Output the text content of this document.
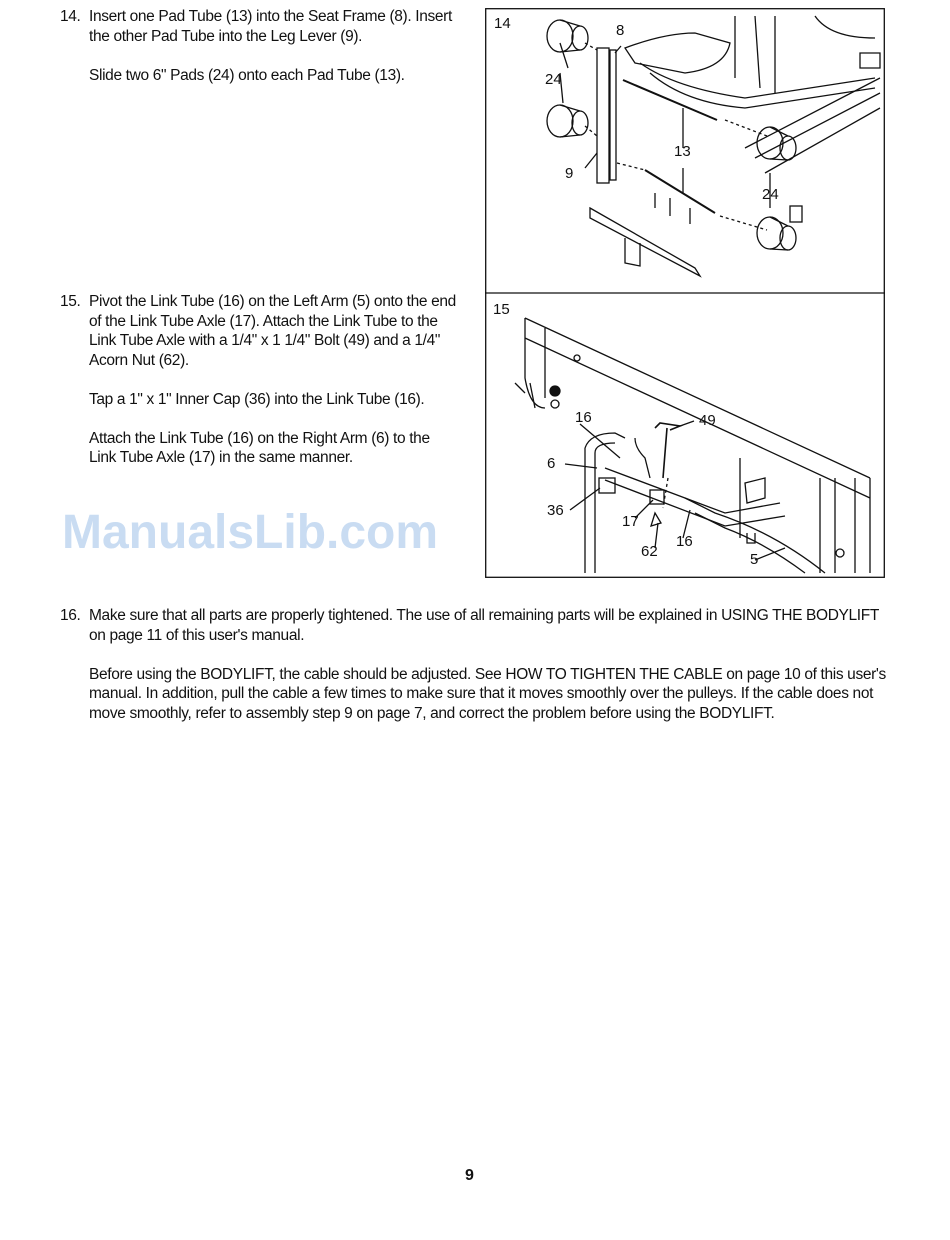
14. Insert one Pad Tube (13) into the Seat Frame (8). Insert the other Pad Tube into the Leg Lever (9).

Slide two 6" Pads (24) onto each Pad Tube (13).

15. Pivot the Link Tube (16) on the Left Arm (5) onto the end of the Link Tube Axle (17). Attach the Link Tube to the Link Tube Axle with a 1/4" x 1 1/4" Bolt (49) and a 1/4" Acorn Nut (62).

Tap a 1" x 1" Inner Cap (36) into the Link Tube (16).

Attach the Link Tube (16) on the Right Arm (6) to the Link Tube Axle (17) in the same manner.

16. Make sure that all parts are properly tightened. The use of all remaining parts will be explained in USING THE BODYLIFT on page 11 of this user's manual.

Before using the BODYLIFT, the cable should be adjusted. See HOW TO TIGHTEN THE CABLE on page 10 of this user's manual. In addition, pull the cable a few times to make sure that it moves smoothly over the pulleys. If the cable does not move smoothly, refer to assembly step 9 on page 7, and correct the problem before using the BODYLIFT.

14	8
24
9
13
24
15
16	49
6
36
17
16
62	5
ManualsLib.com
9
